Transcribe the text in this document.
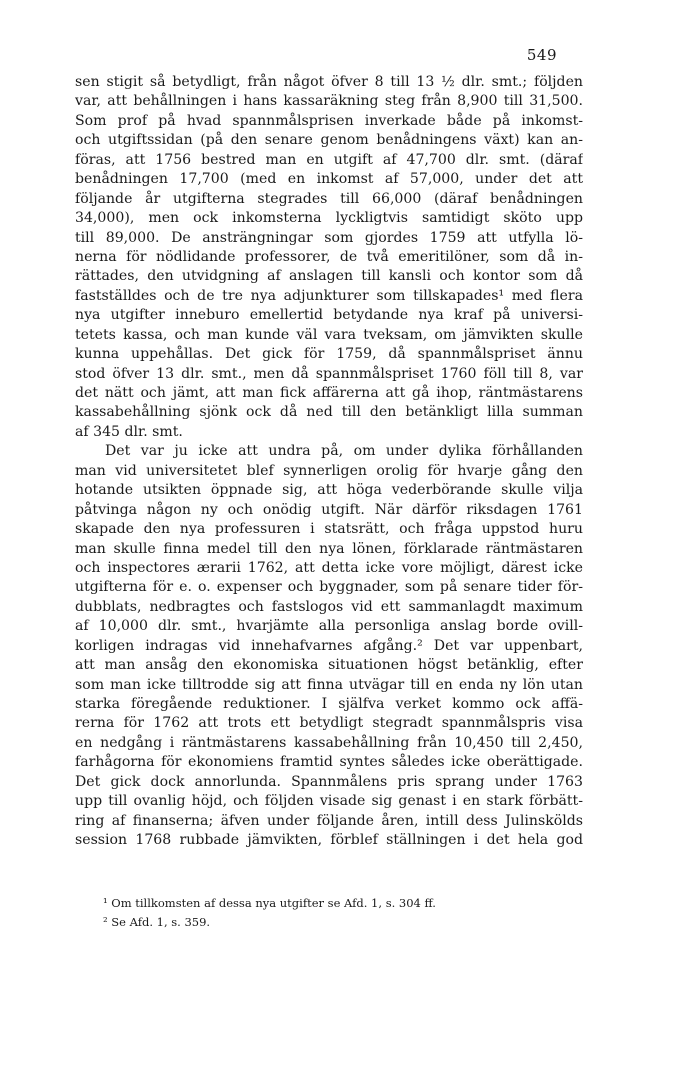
549
sen stigit så betydligt, från något öfver 8 till 13 ½ dlr. smt.; följden
var, att behållningen i hans kassaräkning steg från 8,900 till 31,500.
Som prof på hvad spannmålsprisen inverkade både på inkomst-
och utgiftssidan (på den senare genom benådningens växt) kan an-
föras, att 1756 bestred man en utgift af 47,700 dlr. smt. (däraf
benådningen 17,700 (med en inkomst af 57,000, under det att
följande år utgifterna stegrades till 66,000 (däraf benådningen
34,000), men ock inkomsterna lyckligtvis samtidigt sköto upp
till 89,000. De ansträngningar som gjordes 1759 att utfylla lö-
nerna för nödlidande professorer, de två emeritilöner, som då in-
rättades, den utvidgning af anslagen till kansli och kontor som då
fastställdes och de tre nya adjunkturer som tillskapades¹ med flera
nya utgifter inneburo emellertid betydande nya kraf på universi-
tetets kassa, och man kunde väl vara tveksam, om jämvikten skulle
kunna uppehållas. Det gick för 1759, då spannmålspriset ännu
stod öfver 13 dlr. smt., men då spannmålspriset 1760 föll till 8, var
det nätt och jämt, att man fick affärerna att gå ihop, räntmästarens
kassabehållning sjönk ock då ned till den betänkligt lilla summan
af 345 dlr. smt.
Det var ju icke att undra på, om under dylika förhållanden
man vid universitetet blef synnerligen orolig för hvarje gång den
hotande utsikten öppnade sig, att höga vederbörande skulle vilja
påtvinga någon ny och onödig utgift. När därför riksdagen 1761
skapade den nya professuren i statsrätt, och fråga uppstod huru
man skulle finna medel till den nya lönen, förklarade räntmästaren
och inspectores ærarii 1762, att detta icke vore möjligt, därest icke
utgifterna för e. o. expenser och byggnader, som på senare tider för-
dubblats, nedbragtes och fastslogos vid ett sammanlagdt maximum
af 10,000 dlr. smt., hvarjämte alla personliga anslag borde ovill-
korligen indragas vid innehafvarnes afgång.² Det var uppenbart,
att man ansåg den ekonomiska situationen högst betänklig, efter
som man icke tilltrodde sig att finna utvägar till en enda ny lön utan
starka föregående reduktioner. I själfva verket kommo ock affä-
rerna för 1762 att trots ett betydligt stegradt spannmålspris visa
en nedgång i räntmästarens kassabehållning från 10,450 till 2,450,
farhågorna för ekonomiens framtid syntes således icke oberättigade.
Det gick dock annorlunda. Spannmålens pris sprang under 1763
upp till ovanlig höjd, och följden visade sig genast i en stark förbätt-
ring af finanserna; äfven under följande åren, intill dess Julinskölds
session 1768 rubbade jämvikten, förblef ställningen i det hela god
¹ Om tillkomsten af dessa nya utgifter se Afd. 1, s. 304 ff.
² Se Afd. 1, s. 359.
